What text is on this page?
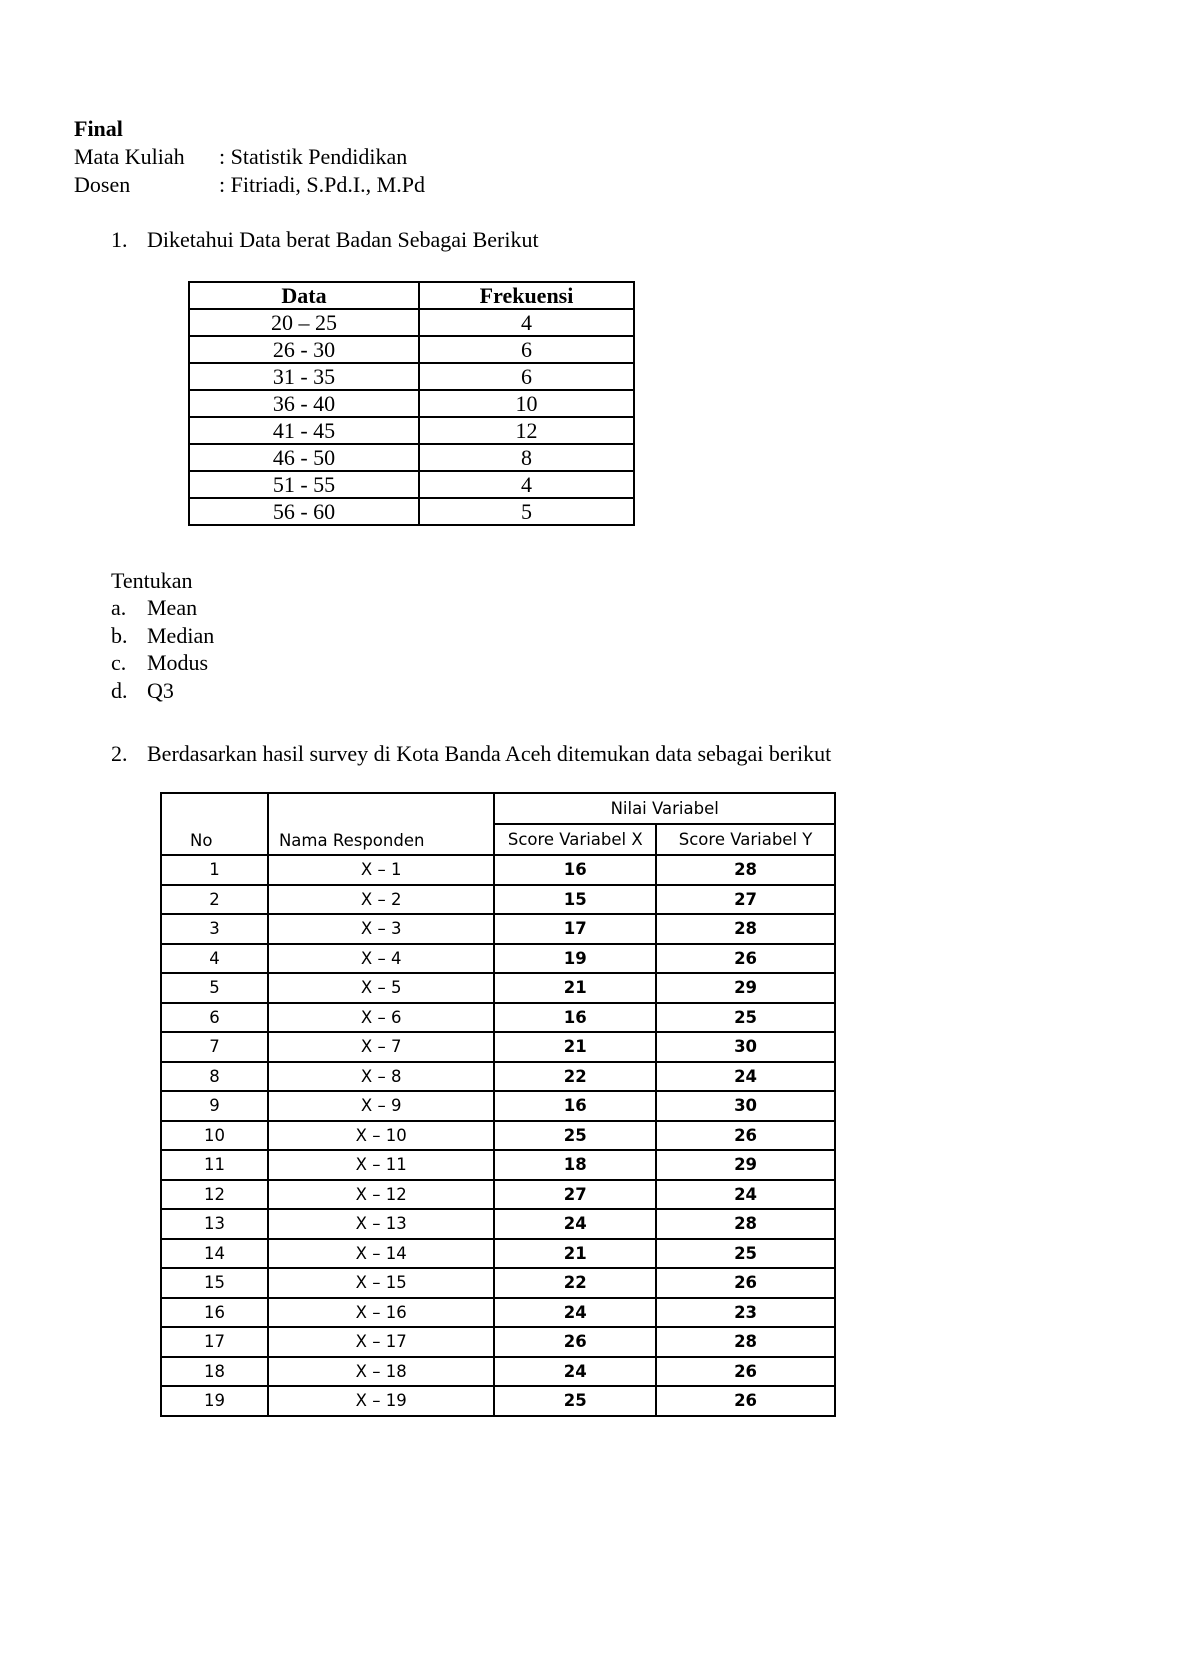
Final
Mata Kuliah : Statistik Pendidikan
Dosen	: Fitriadi, S.Pd.I., M.Pd
1. Diketahui Data berat Badan Sebagai Berikut
Data	Frekuensi
20 – 25	4
26 - 30	6
31 - 35	6
36 - 40	10
41 - 45	12
46 - 50	8
51 - 55	4
56 - 60	5
Tentukan
a. Mean
b. Median
c. Modus
d. Q3
2. Berdasarkan hasil survey di Kota Banda Aceh ditemukan data sebagai berikut
No	Nama Responden	Nilai Variabel	
		Score Variabel X	Score Variabel Y
1	X – 1	16	28
2	X – 2	15	27
3	X – 3	17	28
4	X – 4	19	26
5	X – 5	21	29
6	X – 6	16	25
7	X – 7	21	30
8	X – 8	22	24
9	X – 9	16	30
10	X – 10	25	26
11	X – 11	18	29
12	X – 12	27	24
13	X – 13	24	28
14	X – 14	21	25
15	X – 15	22	26
16	X – 16	24	23
17	X – 17	26	28
18	X – 18	24	26
19	X – 19	25	26
